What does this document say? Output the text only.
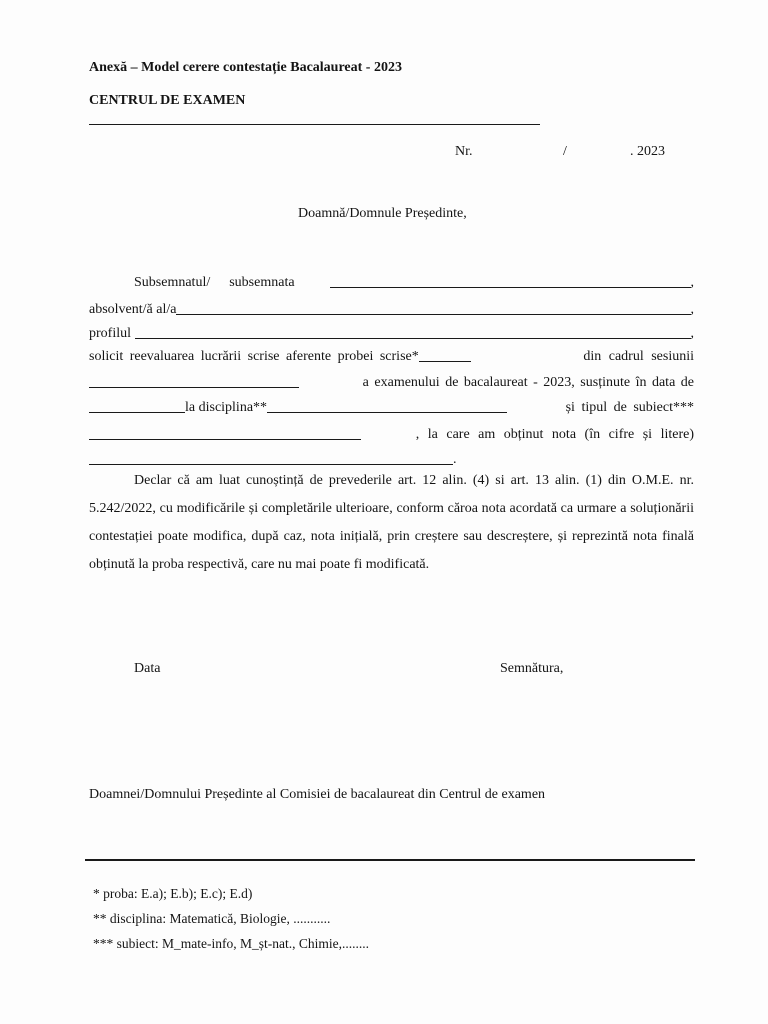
Anexă – Model cerere contestație Bacalaureat - 2023
CENTRUL DE EXAMEN
Nr.	/	. 2023
Doamnă/Domnule Președinte,
Subsemnatul/ subsemnata	,
absolvent/ă al/a	,
profilul	,
solicit reevaluarea lucrării scrise aferente probei scrise*	din cadrul sesiunii
a examenului de bacalaureat - 2023, susținute în data de
la disciplina**	și tipul de subiect***
, la care am obținut nota (în cifre și litere)
.
Declar că am luat cunoștință de prevederile art. 12 alin. (4) si art. 13 alin. (1) din O.M.E. nr. 5.242/2022, cu modificările și completările ulterioare, conform căroa nota acordată ca urmare a soluționării contestației poate modifica, după caz, nota inițială, prin creștere sau descreștere, și reprezintă nota finală obținută la proba respectivă, care nu mai poate fi modificată.
Data	Semnătura,
Doamnei/Domnului Președinte al Comisiei de bacalaureat din Centrul de examen
* proba: E.a); E.b); E.c); E.d)
** disciplina: Matematică, Biologie, ...........
*** subiect: M_mate-info, M_șt-nat., Chimie,........
